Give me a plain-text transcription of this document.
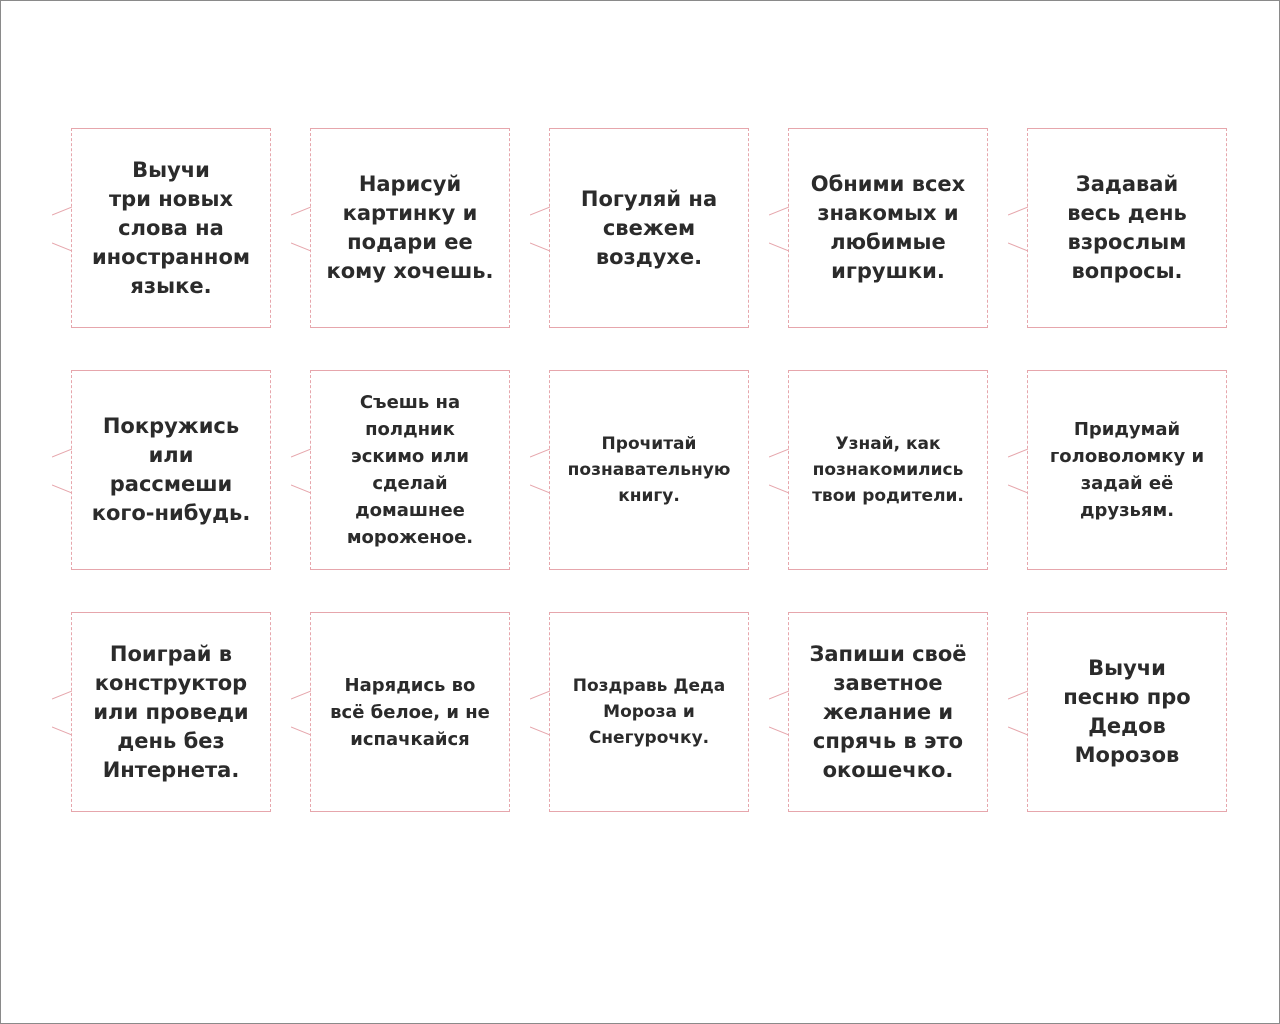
Выучи
три новых
слова на
иностранном
языке.
Нарисуй
картинку и
подари ее
кому хочешь.
Погуляй на
свежем
воздухе.
Обними всех
знакомых и
любимые
игрушки.
Задавай
весь день
взрослым
вопросы.
Покружись
или
рассмеши
кого-нибудь.
Съешь на
полдник
эскимо или
сделай
домашнее
мороженое.
Прочитай
познавательную
книгу.
Узнай, как
познакомились
твои родители.
Придумай
головоломку и
задай её
друзьям.
Поиграй в
конструктор
или проведи
день без
Интернета.
Нарядись во
всё белое, и не
испачкайся
Поздравь Деда
Мороза и
Снегурочку.
Запиши своё
заветное
желание и
спрячь в это
окошечко.
Выучи
песню про
Дедов
Морозов
